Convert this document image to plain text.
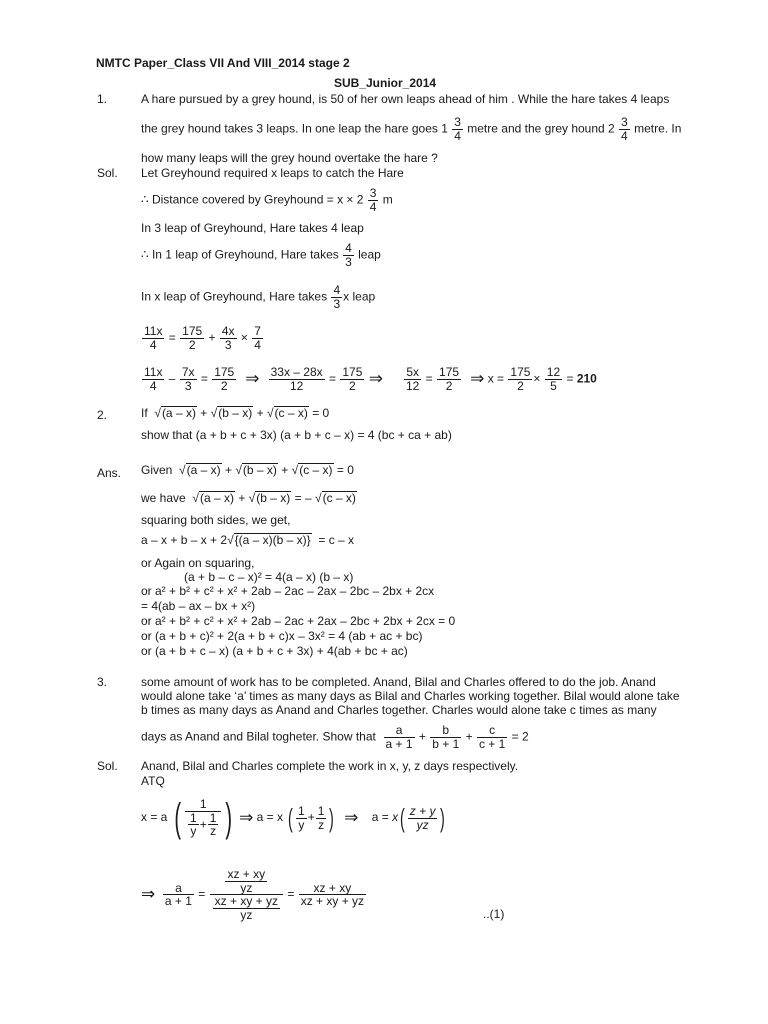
NMTC Paper_Class VII And VIII_2014 stage 2
SUB_Junior_2014
1.	A hare pursued by a grey hound, is 50 of her own leaps ahead of him . While the hare takes 4 leaps
the grey hound takes 3 leaps. In one leap the hare goes $1 \frac{3}{4}$ metre and the grey hound $2 \frac{3}{4}$ metre. In
how many leaps will the grey hound overtake the hare ?
Sol. Let Greyhound required x leaps to catch the Hare
∴ Distance covered by Greyhound = $x \times 2 \frac{3}{4}$ m
In 3 leap of Greyhound, Hare takes 4 leap
∴ In 1 leap of Greyhound, Hare takes $\frac{4}{3}$ leap
In x leap of Greyhound, Hare takes $\frac{4}{3}$ x leap
$\frac{11x}{4} = \frac{175}{2} + \frac{4x}{3} \times \frac{7}{4}$
$\frac{11x}{4} - \frac{7x}{3} = \frac{175}{2}$ ⇒ $\frac{33x - 28x}{12} = \frac{175}{2}$ ⇒ $\frac{5x}{12} = \frac{175}{2}$ ⇒ $x = \frac{175}{2} \times \frac{12}{5} = 210$
2.	If √(a – x) + √(b – x) + √(c – x) = 0
show that (a + b + c + 3x) (a + b + c – x) = 4 (bc + ca + ab)
Ans. Given √(a – x) + √(b – x) + √(c – x) = 0
we have √(a – x) + √(b – x) = – √(c – x)
squaring both sides, we get,
a – x + b – x + 2√{(a – x)(b – x)} = c – x
or Again on squaring,
(a + b – c – x)² = 4(a – x) (b – x)
or a² + b² + c² + x² + 2ab – 2ac – 2ax – 2bc – 2bx + 2cx
= 4(ab – ax – bx + x²)
or a² + b² + c² + x² + 2ab – 2ac + 2ax – 2bc + 2bx + 2cx = 0
or (a + b + c)² + 2(a + b + c)x – 3x² = 4 (ab + ac + bc)
or (a + b + c – x) (a + b + c + 3x) + 4(ab + bc + ac)
3.	some amount of work has to be completed. Anand, Bilal and Charles offered to do the job. Anand
would alone take ‘a’ times as many days as Bilal and Charles working together. Bilal would alone take
b times as many days as Anand and Charles together. Charles would alone take c times as many
days as Anand and Bilal togheter. Show that $\frac{a}{a + 1} + \frac{b}{b + 1} + \frac{c}{c + 1} = 2$
Sol. Anand, Bilal and Charles complete the work in x, y, z days respectively.
ATQ
x = a ( $\frac{1}{\frac{1}{y} + \frac{1}{z}}$ ) ⇒ a = x ( $\frac{1}{y} + \frac{1}{z}$ )  ⇒    $a = x( \frac{z + y}{yz}$ )
⇒ $\frac{a}{a + 1} = \frac{\frac{xz + xy}{yz}}{\frac{xz + xy + yz}{yz}} = \frac{xz + xy}{xz + xy + yz}$
..(1)
